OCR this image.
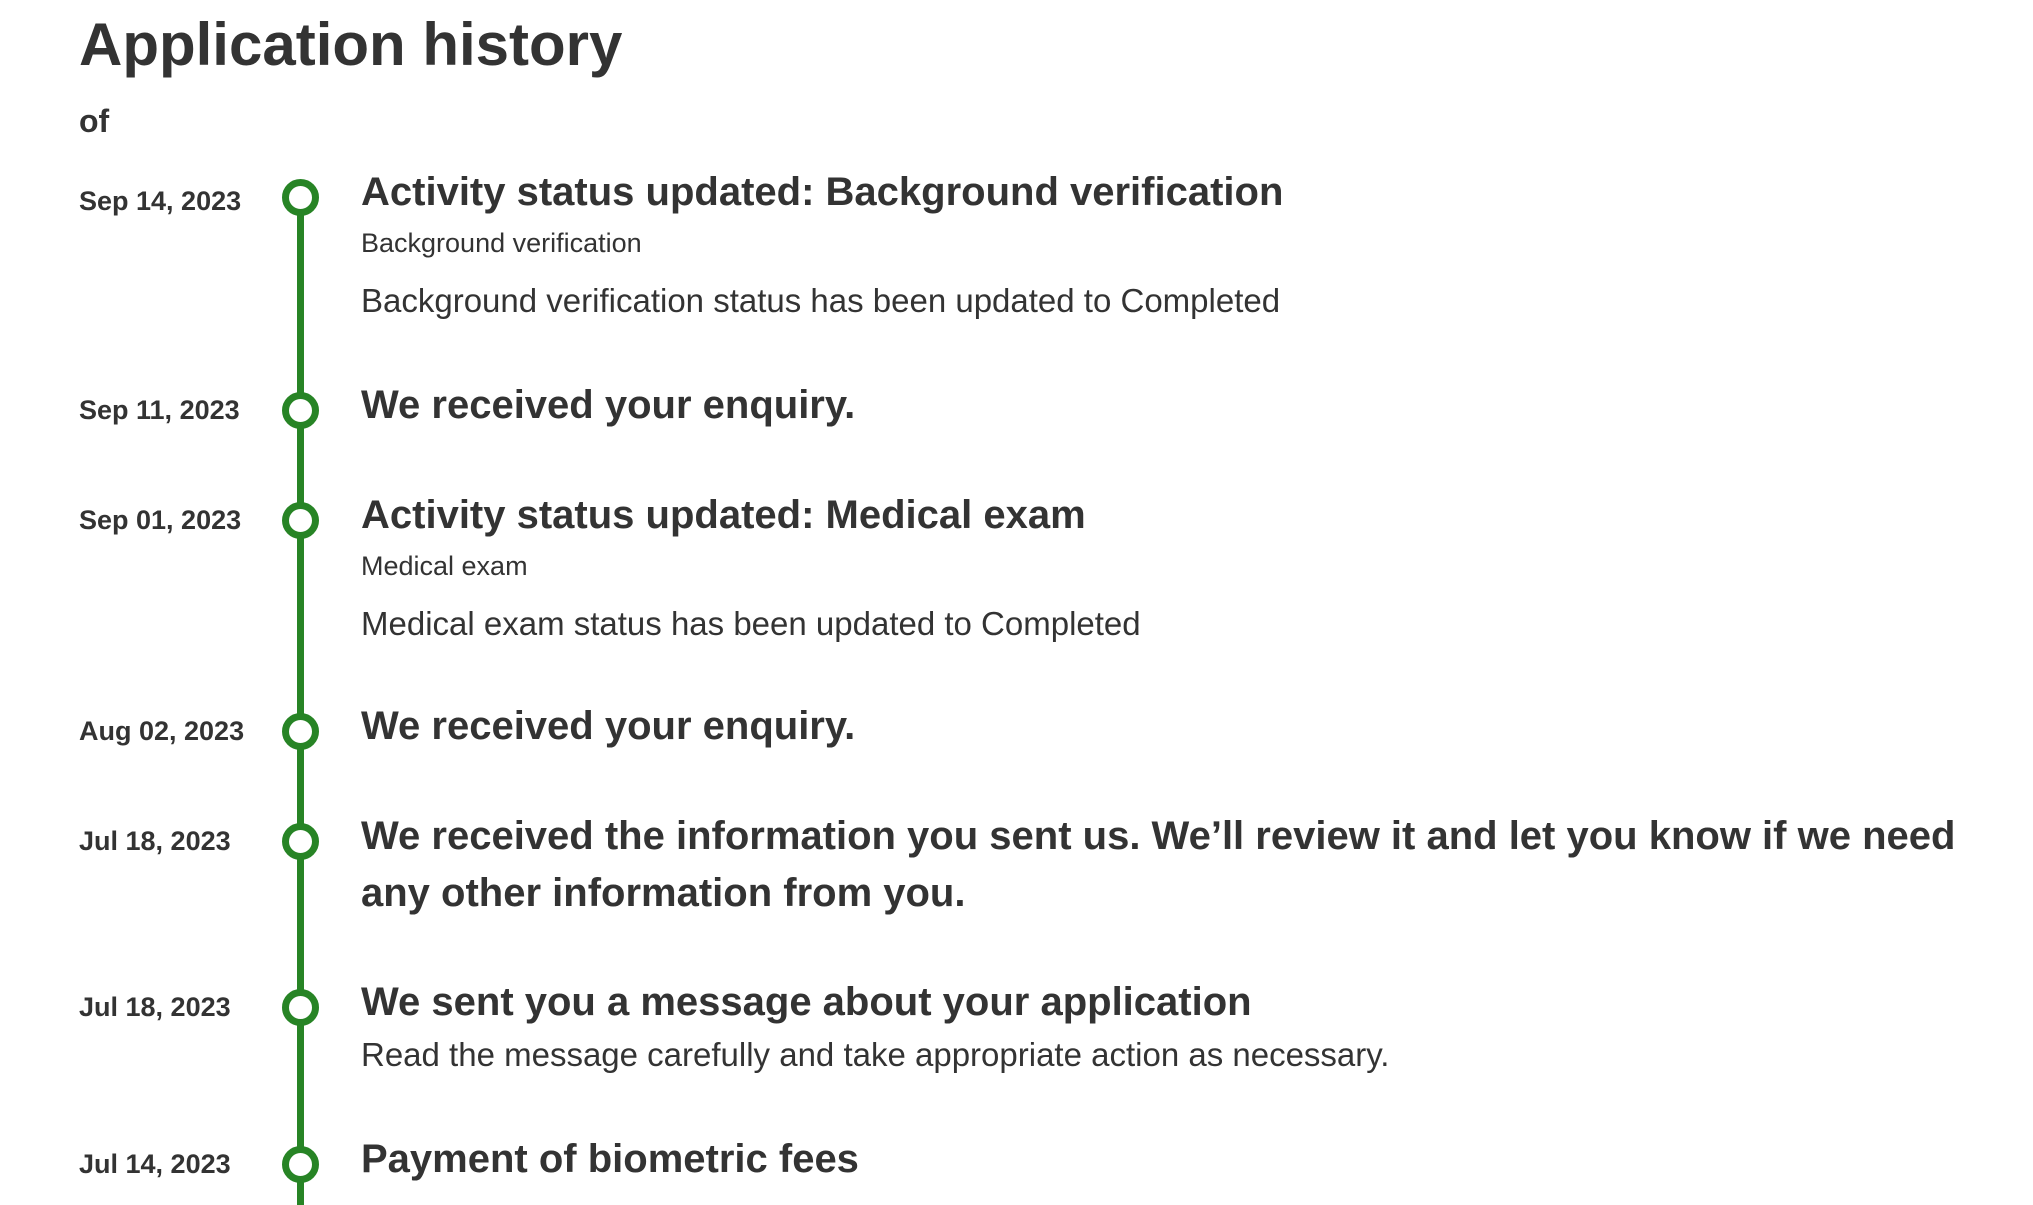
Application history
of
Sep 14, 2023	Activity status updated: Background verification

Background verification

Background verification status has been updated to Completed

Sep 11, 2023	We received your enquiry.
Sep 01, 2023	Activity status updated: Medical exam

Medical exam

Medical exam status has been updated to Completed

Aug 02, 2023	We received your enquiry.
Jul 18, 2023	We received the information you sent us. We’ll review it and let you know if we need
any other information from you.
Jul 18, 2023	We sent you a message about your application

Read the message carefully and take appropriate action as necessary.

Jul 14, 2023	Payment of biometric fees
